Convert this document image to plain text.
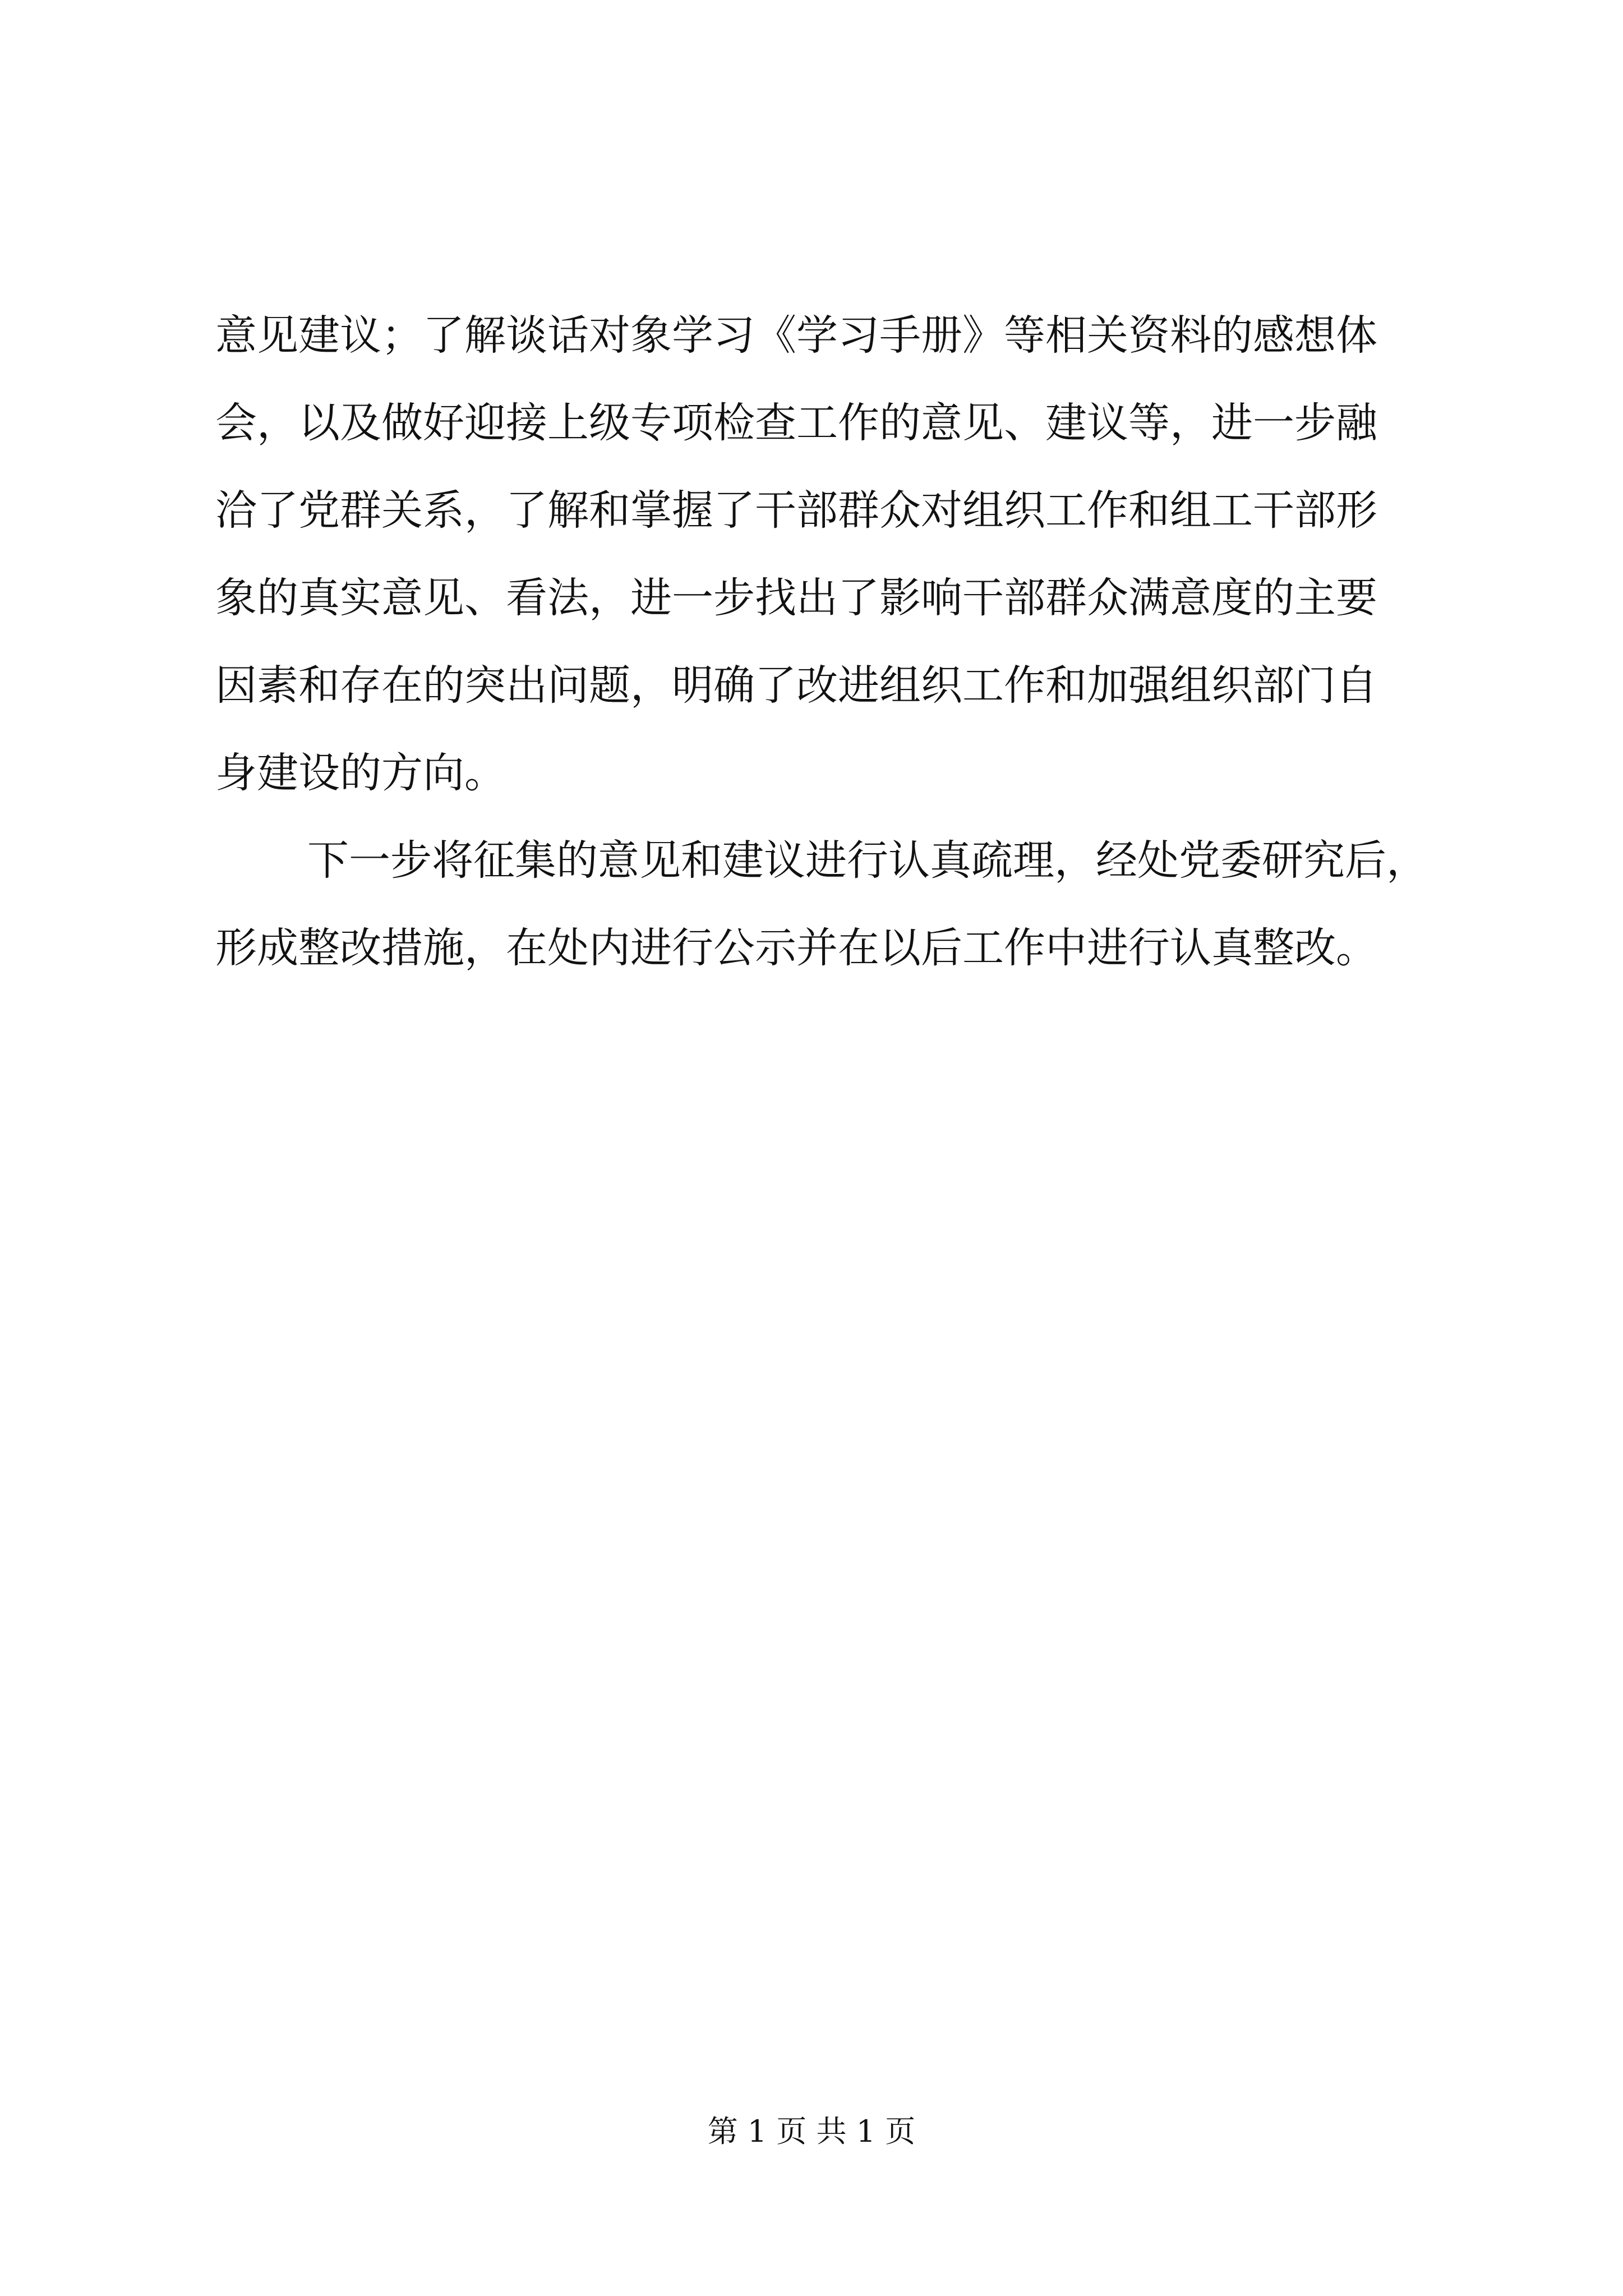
意见建议；了解谈话对象学习《学习手册》等相关资料的感想体
会，以及做好迎接上级专项检查工作的意见、建议等，进一步融
洽了党群关系，了解和掌握了干部群众对组织工作和组工干部形
象的真实意见、看法，进一步找出了影响干部群众满意度的主要
因素和存在的突出问题，明确了改进组织工作和加强组织部门自
身建设的方向。
下一步将征集的意见和建议进行认真疏理，经处党委研究后，
形成整改措施，在处内进行公示并在以后工作中进行认真整改。
第 1 页 共 1 页
